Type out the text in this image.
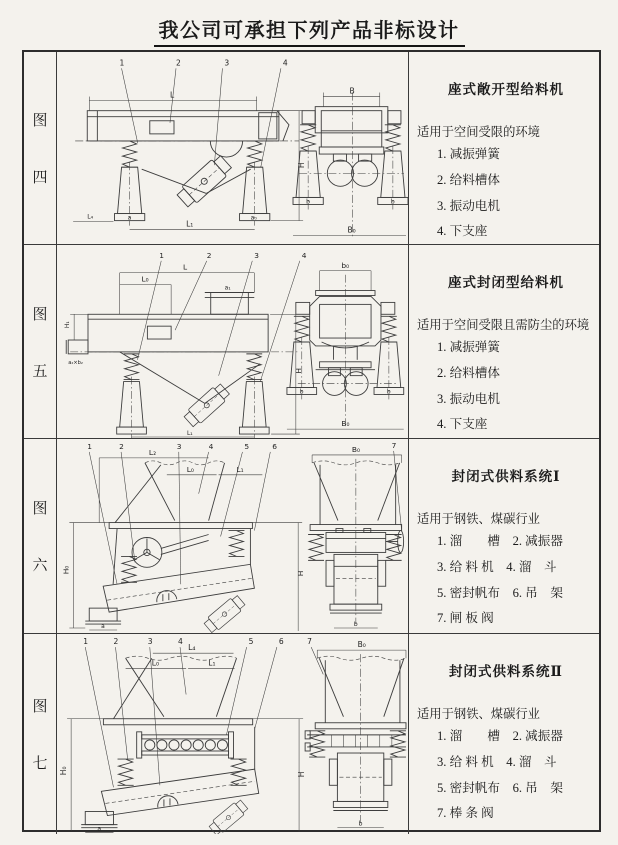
我公司可承担下列产品非标设计
图
四
1	2	3	4
L
a	a₀
L₄
L₁
H
B
b	b
B₀
座式敞开型给料机
适用于空间受限的环境
1. 减振弹簧
2. 给料槽体
3. 振动电机
4. 下支座
图
五
1	2	3	4
L
L₀
a₁
a₂×b₂
H₁
H
L₁
b₀
b	b
B₀
座式封闭型给料机
适用于空间受限且需防尘的环境
1. 减振弹簧
2. 给料槽体
3. 振动电机
4. 下支座
图
六
1	2	3	4	5	6
L₂
L₀	L₁
a
H₀	H
B₀	7
b
封闭式供料系统Ⅰ
适用于钢铁、煤碳行业
1. 溜　　槽　2. 减振器
3. 给 料 机　4. 溜　斗
5. 密封帆布　6. 吊　架
7. 闸 板 阀
图
七
1	2	3	4	5	6
L₄
L₀	L₁
a
H₀	H
7	B₀
b
封闭式供料系统Ⅱ
适用于钢铁、煤碳行业
1. 溜　　槽　2. 减振器
3. 给 料 机　4. 溜　斗
5. 密封帆布　6. 吊　架
7. 棒 条 阀
